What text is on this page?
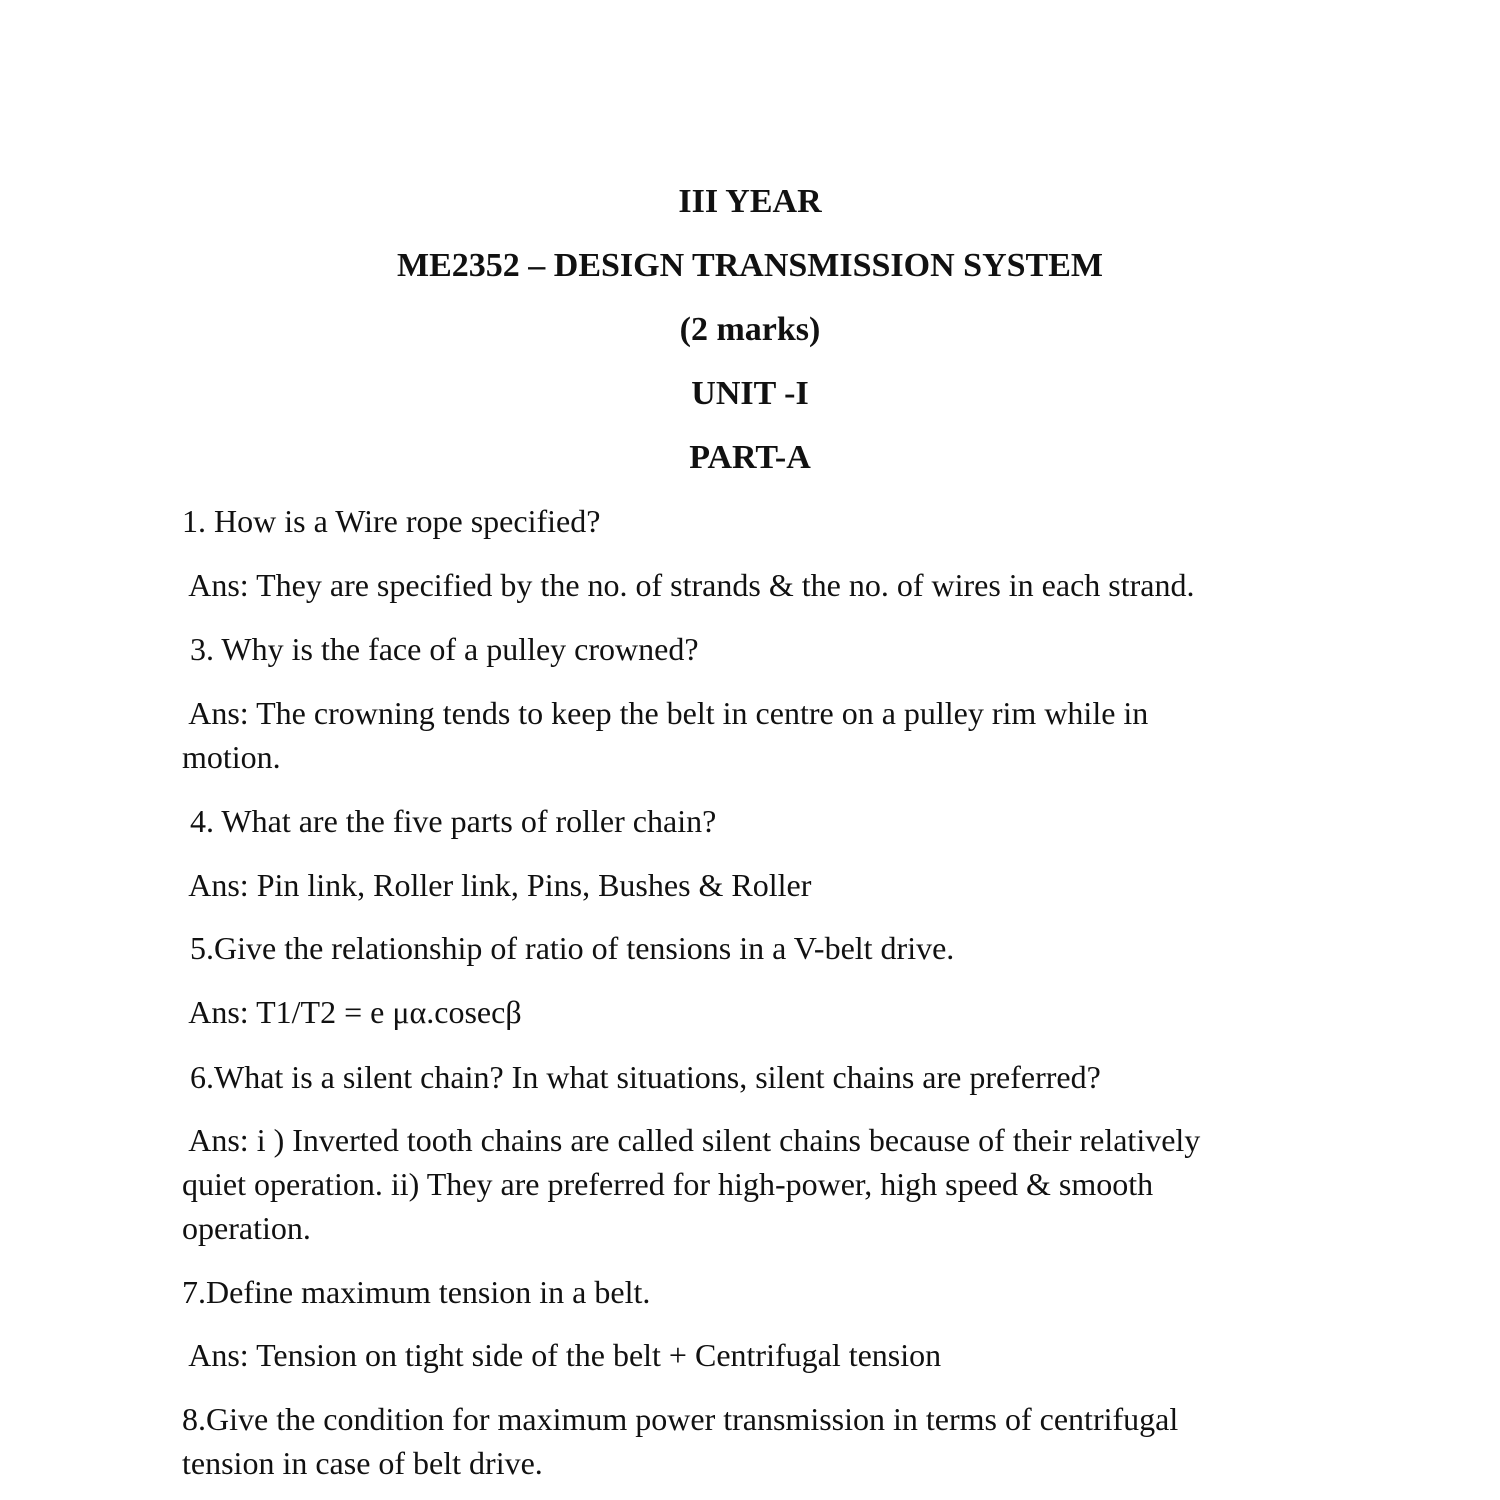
III YEAR
ME2352 – DESIGN TRANSMISSION SYSTEM
(2 marks)
UNIT -I
PART-A
1. How is a Wire rope specified?
Ans: They are specified by the no. of strands & the no. of wires in each strand.
3. Why is the face of a pulley crowned?
Ans: The crowning tends to keep the belt in centre on a pulley rim while in
motion.
4. What are the five parts of roller chain?
Ans: Pin link, Roller link, Pins, Bushes & Roller
5.Give the relationship of ratio of tensions in a V-belt drive.
Ans: T1/T2 = e μα.cosecβ
6.What is a silent chain? In what situations, silent chains are preferred?
Ans: i ) Inverted tooth chains are called silent chains because of their relatively
quiet operation. ii) They are preferred for high-power, high speed & smooth
operation.
7.Define maximum tension in a belt.
Ans: Tension on tight side of the belt + Centrifugal tension
8.Give the condition for maximum power transmission in terms of centrifugal
tension in case of belt drive.
